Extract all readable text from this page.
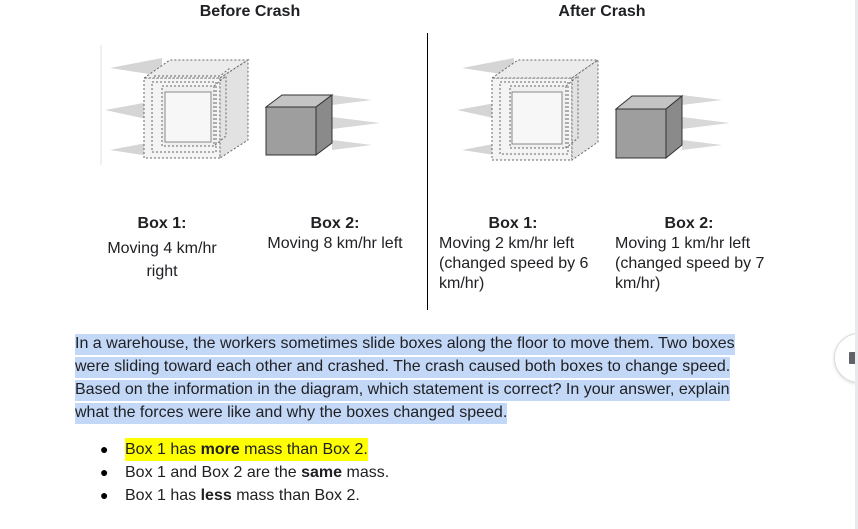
Before Crash	After Crash
Box 1:
Moving 4 km/hr right
Box 2:
Moving 8 km/hr left
Box 1:
Moving 2 km/hr left (changed speed by 6 km/hr)
Box 2:
Moving 1 km/hr left (changed speed by 7 km/hr)
In a warehouse, the workers sometimes slide boxes along the floor to move them. Two boxes were sliding toward each other and crashed. The crash caused both boxes to change speed. Based on the information in the diagram, which statement is correct? In your answer, explain what the forces were like and why the boxes changed speed.
●	Box 1 has more mass than Box 2.
●	Box 1 and Box 2 are the same mass.
●	Box 1 has less mass than Box 2.
